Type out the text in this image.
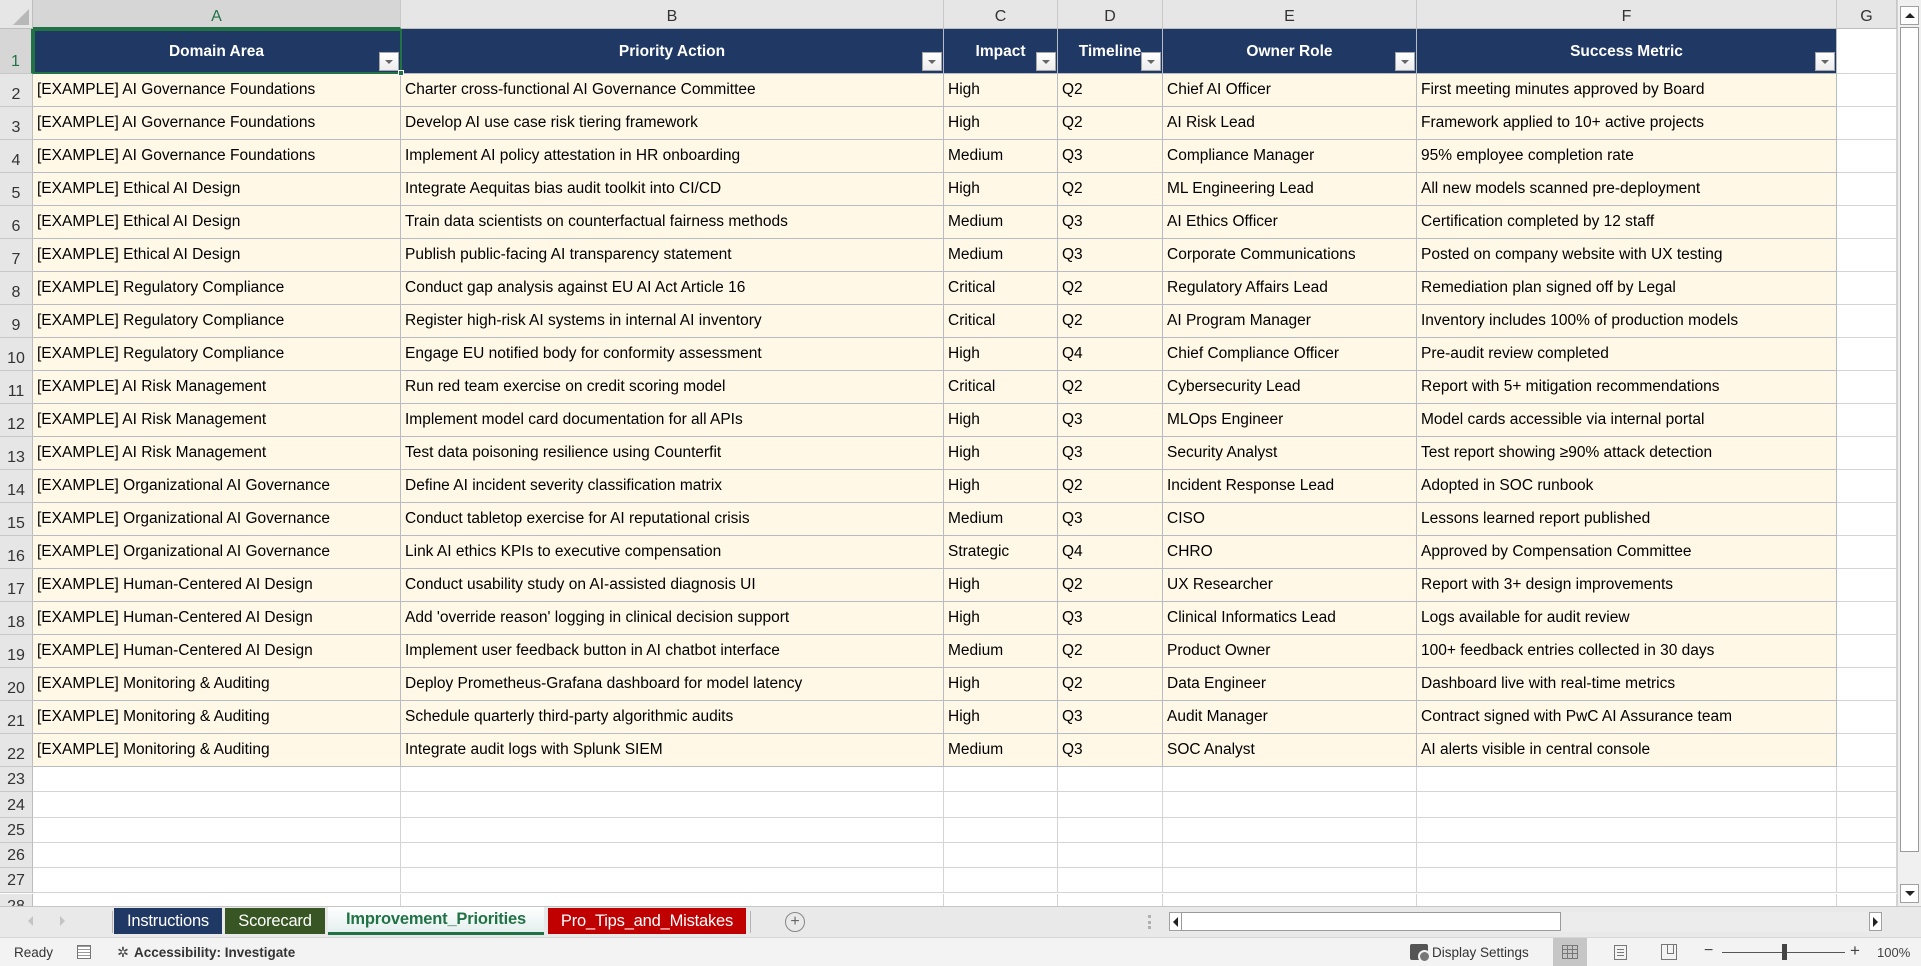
A	B	C	D	E	F	G
1
2
3
4
5
6
7
8
9
10
11
12
13
14
15
16
17
18
19
20
21
22
23
24
25
26
27
Domain Area	Priority Action	Impact	Timeline	Owner Role	Success Metric
[EXAMPLE] AI Governance Foundations	Charter cross-functional AI Governance Committee	High	Q2	Chief AI Officer	First meeting minutes approved by Board
[EXAMPLE] AI Governance Foundations	Develop AI use case risk tiering framework	High	Q2	AI Risk Lead	Framework applied to 10+ active projects
[EXAMPLE] AI Governance Foundations	Implement AI policy attestation in HR onboarding	Medium	Q3	Compliance Manager	95% employee completion rate
[EXAMPLE] Ethical AI Design	Integrate Aequitas bias audit toolkit into CI/CD	High	Q2	ML Engineering Lead	All new models scanned pre-deployment
[EXAMPLE] Ethical AI Design	Train data scientists on counterfactual fairness methods	Medium	Q3	AI Ethics Officer	Certification completed by 12 staff
[EXAMPLE] Ethical AI Design	Publish public-facing AI transparency statement	Medium	Q3	Corporate Communications	Posted on company website with UX testing
[EXAMPLE] Regulatory Compliance	Conduct gap analysis against EU AI Act Article 16	Critical	Q2	Regulatory Affairs Lead	Remediation plan signed off by Legal
[EXAMPLE] Regulatory Compliance	Register high-risk AI systems in internal AI inventory	Critical	Q2	AI Program Manager	Inventory includes 100% of production models
[EXAMPLE] Regulatory Compliance	Engage EU notified body for conformity assessment	High	Q4	Chief Compliance Officer	Pre-audit review completed
[EXAMPLE] AI Risk Management	Run red team exercise on credit scoring model	Critical	Q2	Cybersecurity Lead	Report with 5+ mitigation recommendations
[EXAMPLE] AI Risk Management	Implement model card documentation for all APIs	High	Q3	MLOps Engineer	Model cards accessible via internal portal
[EXAMPLE] AI Risk Management	Test data poisoning resilience using Counterfit	High	Q3	Security Analyst	Test report showing ≥90% attack detection
[EXAMPLE] Organizational AI Governance	Define AI incident severity classification matrix	High	Q2	Incident Response Lead	Adopted in SOC runbook
[EXAMPLE] Organizational AI Governance	Conduct tabletop exercise for AI reputational crisis	Medium	Q3	CISO	Lessons learned report published
[EXAMPLE] Organizational AI Governance	Link AI ethics KPIs to executive compensation	Strategic	Q4	CHRO	Approved by Compensation Committee
[EXAMPLE] Human-Centered AI Design	Conduct usability study on AI-assisted diagnosis UI	High	Q2	UX Researcher	Report with 3+ design improvements
[EXAMPLE] Human-Centered AI Design	Add 'override reason' logging in clinical decision support	High	Q3	Clinical Informatics Lead	Logs available for audit review
[EXAMPLE] Human-Centered AI Design	Implement user feedback button in AI chatbot interface	Medium	Q2	Product Owner	100+ feedback entries collected in 30 days
[EXAMPLE] Monitoring & Auditing	Deploy Prometheus-Grafana dashboard for model latency	High	Q2	Data Engineer	Dashboard live with real-time metrics
[EXAMPLE] Monitoring & Auditing	Schedule quarterly third-party algorithmic audits	High	Q3	Audit Manager	Contract signed with PwC AI Assurance team
[EXAMPLE] Monitoring & Auditing	Integrate audit logs with Splunk SIEM	Medium	Q3	SOC Analyst	AI alerts visible in central console
Instructions Scorecard Improvement_Priorities Pro_Tips_and_Mistakes	+
Ready	✲ Accessibility: Investigate	Display Settings	−	+ 100%
